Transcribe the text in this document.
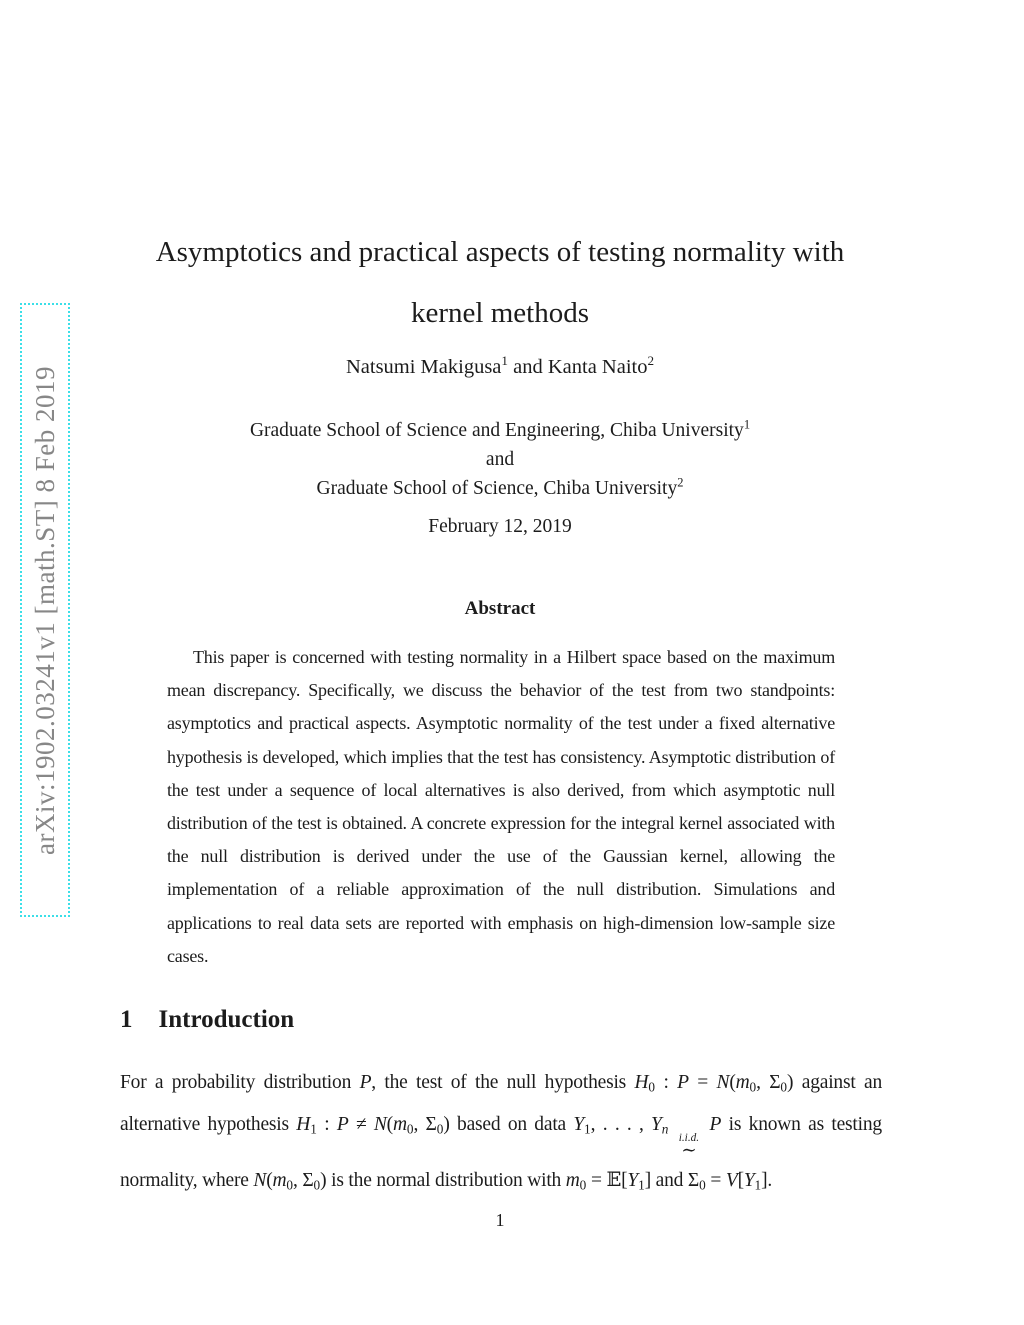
arXiv:1902.03241v1 [math.ST] 8 Feb 2019
Asymptotics and practical aspects of testing normality with
kernel methods
Natsumi Makigusa$^1$ and Kanta Naito$^2$
Graduate School of Science and Engineering, Chiba University$^1$
and
Graduate School of Science, Chiba University$^2$
February 12, 2019
Abstract

This paper is concerned with testing normality in a Hilbert space based on the maximum mean discrepancy. Specifically, we discuss the behavior of the test from two standpoints: asymptotics and practical aspects. Asymptotic normality of the test under a fixed alternative hypothesis is developed, which implies that the test has consistency. Asymptotic distribution of the test under a sequence of local alternatives is also derived, from which asymptotic null distribution of the test is obtained. A concrete expression for the integral kernel associated with the null distribution is derived under the use of the Gaussian kernel, allowing the implementation of a reliable approximation of the null distribution. Simulations and applications to real data sets are reported with emphasis on high-dimension low-sample size cases.

1 Introduction

For a probability distribution P, the test of the null hypothesis H0 : P = N(m0, Σ0) against an alternative hypothesis H1 : P ≠ N(m0, Σ0) based on data Y1, . . . , Yn
i.i.d.
∼
P is known as testing normality, where N(m0, Σ0) is the normal distribution with m0 = 𝔼[Y1] and Σ0 = V[Y1].

1
